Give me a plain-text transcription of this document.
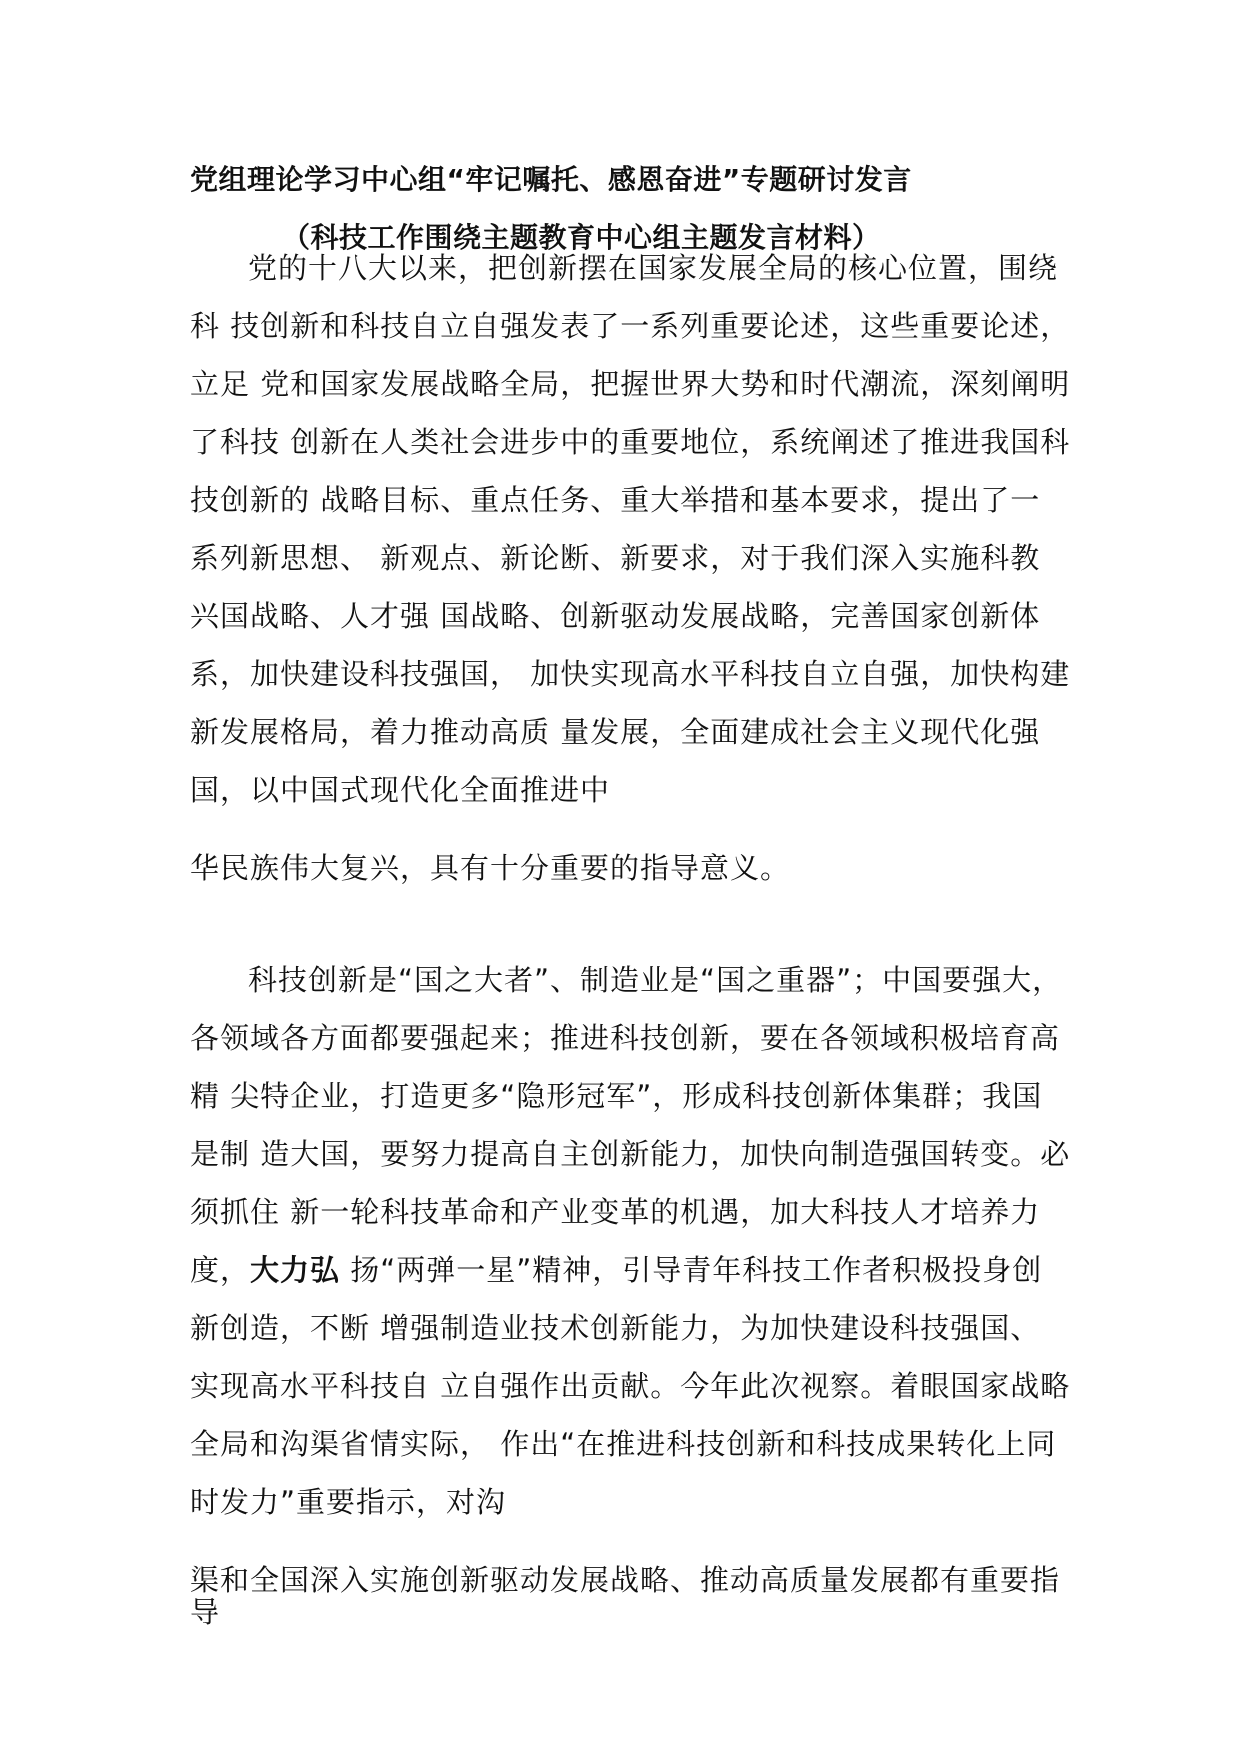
党组理论学习中心组“牢记嘱托、感恩奋进”专题研讨发言
（科技工作围绕主题教育中心组主题发言材料）

党的十八大以来，把创新摆在国家发展全局的核心位置，围绕

科 技创新和科技自立自强发表了一系列重要论述，这些重要论述，

立足 党和国家发展战略全局，把握世界大势和时代潮流，深刻阐明

了科技 创新在人类社会进步中的重要地位，系统阐述了推进我国科

技创新的 战略目标、重点任务、重大举措和基本要求，提出了一

系列新思想、 新观点、新论断、新要求，对于我们深入实施科教

兴国战略、人才强 国战略、创新驱动发展战略，完善国家创新体

系，加快建设科技强国， 加快实现高水平科技自立自强，加快构建

新发展格局，着力推动高质 量发展，全面建成社会主义现代化强

国，以中国式现代化全面推进中

华民族伟大复兴，具有十分重要的指导意义。

科技创新是“国之大者”、制造业是“国之重器”；中国要强大，

各领域各方面都要强起来；推进科技创新，要在各领域积极培育高

精 尖特企业，打造更多“隐形冠军”，形成科技创新体集群；我国

是制 造大国，要努力提高自主创新能力，加快向制造强国转变。必

须抓住 新一轮科技革命和产业变革的机遇，加大科技人才培养力

度，大力弘 扬“两弹一星”精神，引导青年科技工作者积极投身创

新创造，不断 增强制造业技术创新能力，为加快建设科技强国、

实现高水平科技自 立自强作出贡献。今年此次视察。着眼国家战略

全局和沟渠省情实际， 作出“在推进科技创新和科技成果转化上同

时发力”重要指示，对沟

渠和全国深入实施创新驱动发展战略、推动高质量发展都有重要指

导
